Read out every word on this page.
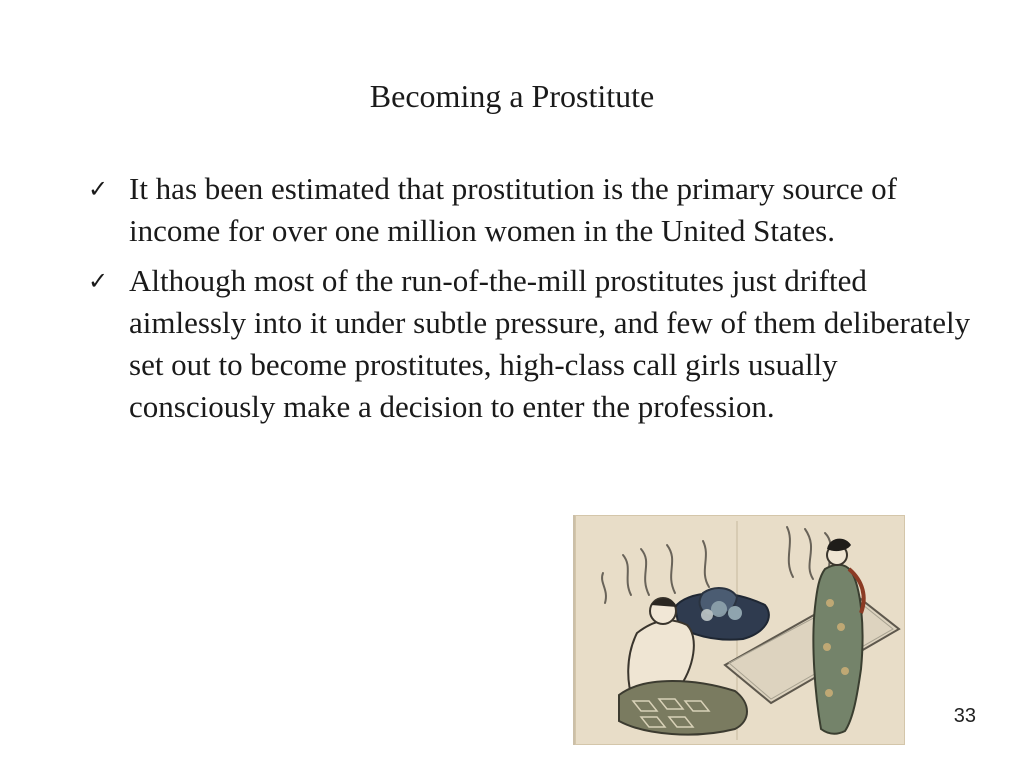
Becoming a Prostitute
✓ It has been estimated that prostitution is the primary source of income for over one million women in the United States.
✓ Although most of the run-of-the-mill prostitutes just drifted aimlessly into it under subtle pressure, and few of them deliberately set out to become prostitutes, high-class call girls usually consciously make a decision to enter the profession.
33
